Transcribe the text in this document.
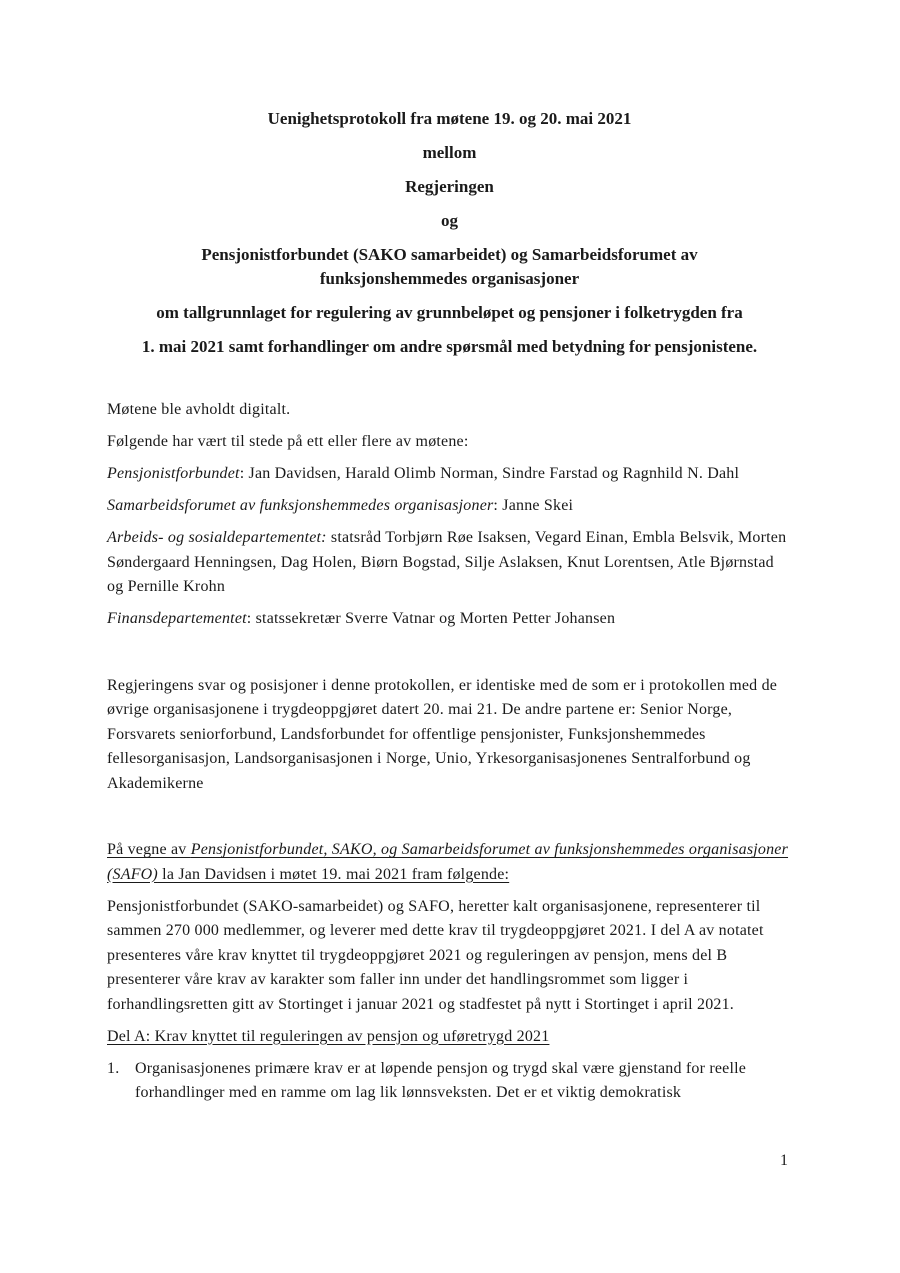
Uenighetsprotokoll fra møtene 19. og 20. mai 2021

mellom

Regjeringen

og

Pensjonistforbundet (SAKO samarbeidet) og Samarbeidsforumet av

funksjonshemmedes organisasjoner

om tallgrunnlaget for regulering av grunnbeløpet og pensjoner i folketrygden fra

1. mai 2021 samt forhandlinger om andre spørsmål med betydning for pensjonistene.

Møtene ble avholdt digitalt.

Følgende har vært til stede på ett eller flere av møtene:

Pensjonistforbundet: Jan Davidsen, Harald Olimb Norman, Sindre Farstad og Ragnhild N. Dahl

Samarbeidsforumet av funksjonshemmedes organisasjoner: Janne Skei

Arbeids- og sosialdepartementet: statsråd Torbjørn Røe Isaksen, Vegard Einan, Embla Belsvik, Morten Søndergaard Henningsen, Dag Holen, Biørn Bogstad, Silje Aslaksen, Knut Lorentsen, Atle Bjørnstad og Pernille Krohn

Finansdepartementet: statssekretær Sverre Vatnar og Morten Petter Johansen

Regjeringens svar og posisjoner i denne protokollen, er identiske med de som er i protokollen med de øvrige organisasjonene i trygdeoppgjøret datert 20. mai 21. De andre partene er: Senior Norge, Forsvarets seniorforbund, Landsforbundet for offentlige pensjonister, Funksjonshemmedes fellesorganisasjon, Landsorganisasjonen i Norge, Unio, Yrkesorganisasjonenes Sentralforbund og Akademikerne

På vegne av Pensjonistforbundet, SAKO, og Samarbeidsforumet av funksjonshemmedes organisasjoner (SAFO) la Jan Davidsen i møtet 19. mai 2021 fram følgende:

Pensjonistforbundet (SAKO-samarbeidet) og SAFO, heretter kalt organisasjonene, representerer til sammen 270 000 medlemmer, og leverer med dette krav til trygdeoppgjøret 2021. I del A av notatet presenteres våre krav knyttet til trygdeoppgjøret 2021 og reguleringen av pensjon, mens del B presenterer våre krav av karakter som faller inn under det handlingsrommet som ligger i forhandlingsretten gitt av Stortinget i januar 2021 og stadfestet på nytt i Stortinget i april 2021.

Del A: Krav knyttet til reguleringen av pensjon og uføretrygd 2021

1. Organisasjonenes primære krav er at løpende pensjon og trygd skal være gjenstand for reelle forhandlinger med en ramme om lag lik lønnsveksten. Det er et viktig demokratisk

1
